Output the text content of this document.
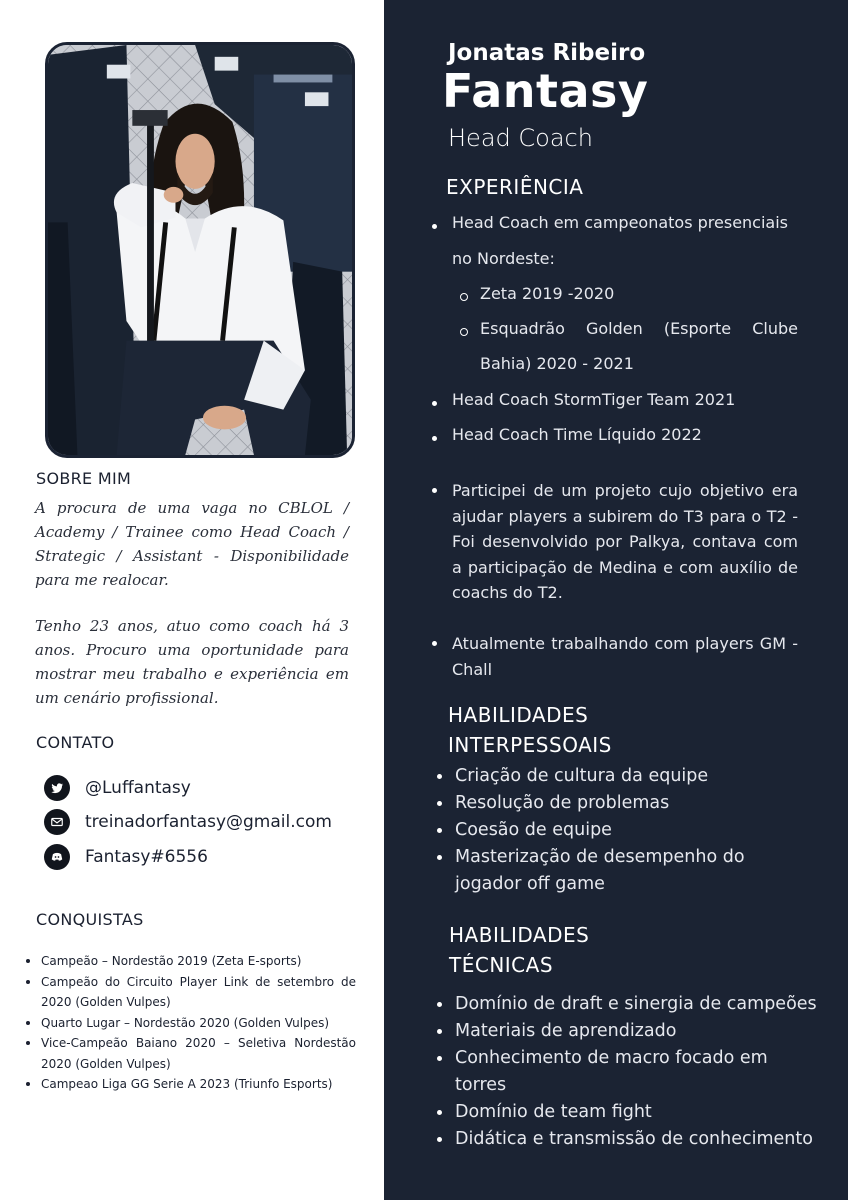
SOBRE MIM

A procura de uma vaga no CBLOL / Academy / Trainee como Head Coach / Strategic / Assistant - Disponibilidade para me realocar.

Tenho 23 anos, atuo como coach há 3 anos. Procuro uma oportunidade para mostrar meu trabalho e experiência em um cenário profissional.

CONTATO
@Luffantasy
treinadorfantasy@gmail.com
Fantasy#6556
CONQUISTAS
Campeão – Nordestão 2019 (Zeta E-sports)
Campeão do Circuito Player Link de setembro de 2020 (Golden Vulpes)
Quarto Lugar – Nordestão 2020 (Golden Vulpes)
Vice-Campeão Baiano 2020 – Seletiva Nordestão 2020 (Golden Vulpes)
Campeao Liga GG Serie A 2023 (Triunfo Esports)
Jonatas Ribeiro
Fantasy
Head Coach
EXPERIÊNCIA
Head Coach em campeonatos presenciais
no Nordeste:
Zeta 2019 -2020
Esquadrão Golden (Esporte Clube
Bahia) 2020 - 2021
Head Coach StormTiger Team 2021
Head Coach Time Líquido 2022

Participei de um projeto cujo objetivo era ajudar players a subirem do T3 para o T2 - Foi desenvolvido por Palkya, contava com a participação de Medina e com auxílio de coachs do T2.

Atualmente trabalhando com players GM - Chall

HABILIDADES
INTERPESSOAIS
Criação de cultura da equipe
Resolução de problemas
Coesão de equipe
Masterização de desempenho do jogador off game
HABILIDADES
TÉCNICAS
Domínio de draft e sinergia de campeões
Materiais de aprendizado
Conhecimento de macro focado em torres
Domínio de team fight
Didática e transmissão de conhecimento
